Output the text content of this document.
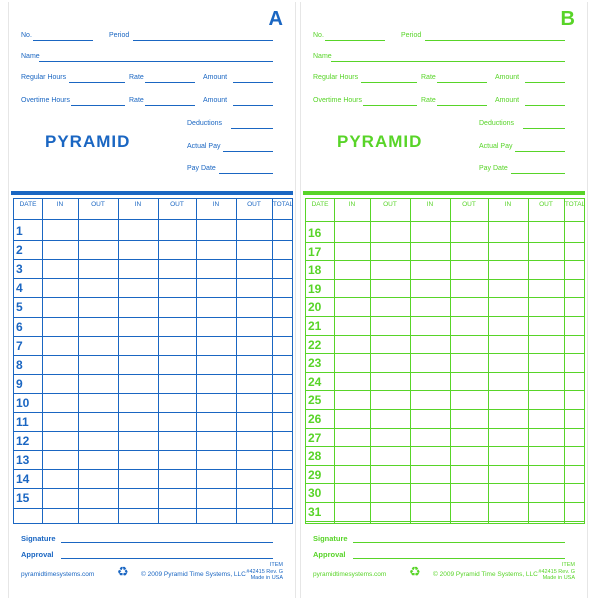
A
No.	Period
Name
Regular Hours	Rate	Amount
Overtime Hours	Rate	Amount
Deductions
Actual Pay
Pay Date
PYRAMID
DATE	IN	OUT	IN	OUT	IN	OUT	TOTAL
1
2
3
4
5
6
7
8
9
10
11
12
13
14
15
Signature
Approval
pyramidtimesystems.com ♻ © 2009 Pyramid Time Systems, LLC
ITEM
#42415 Rev. G
Made in USA
B
No.	Period
Name
Regular Hours	Rate	Amount
Overtime Hours	Rate	Amount
Deductions
Actual Pay
Pay Date
PYRAMID
DATE	IN	OUT	IN	OUT	IN	OUT	TOTAL
16
17
18
19
20
21
22
23
24
25
26
27
28
29
30
31
Signature
Approval
pyramidtimesystems.com ♻ © 2009 Pyramid Time Systems, LLC
ITEM
#42415 Rev. G
Made in USA
